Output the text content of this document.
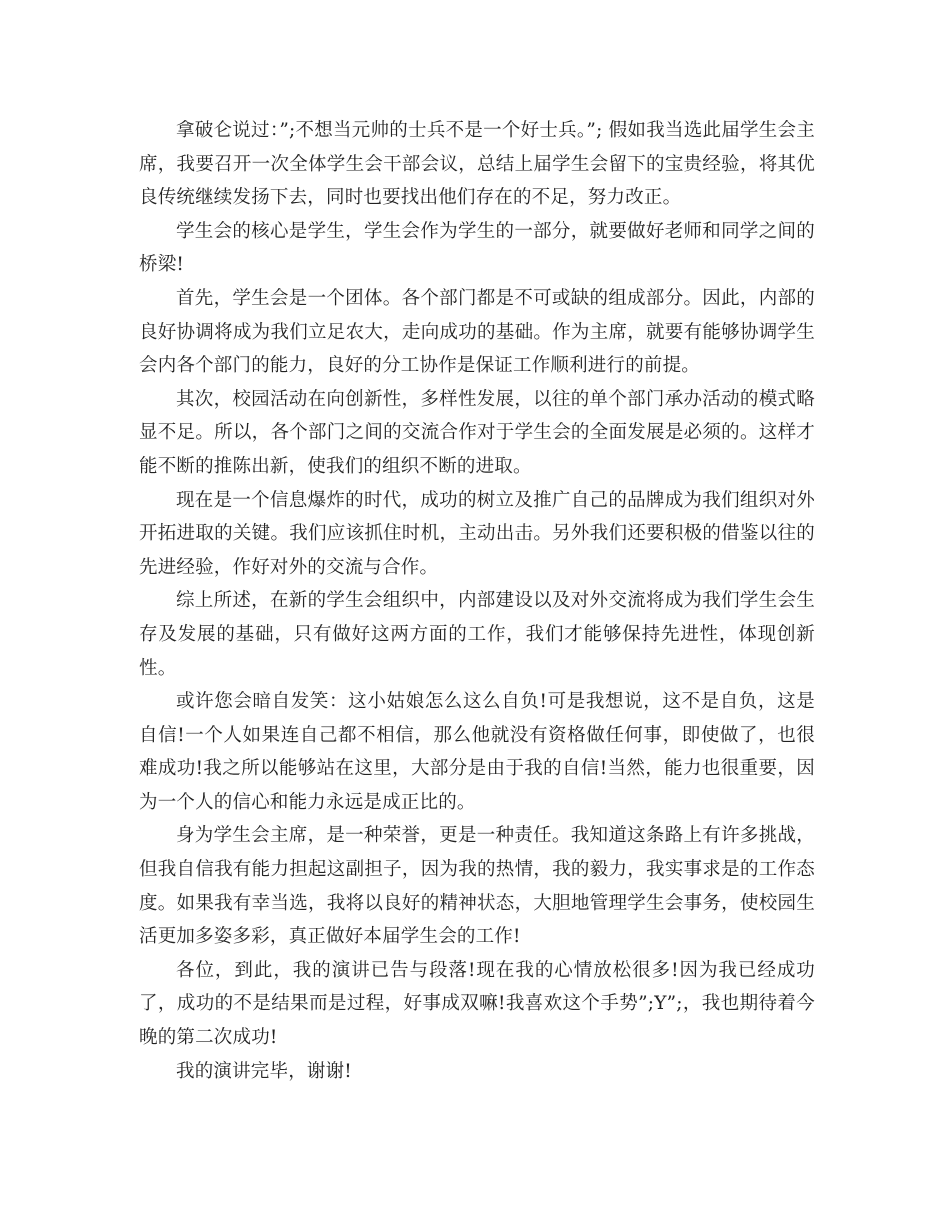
拿破仑说过：”;不想当元帅的士兵不是一个好士兵。”; 假如我当选此届学生会主席，我要召开一次全体学生会干部会议，总结上届学生会留下的宝贵经验，将其优良传统继续发扬下去，同时也要找出他们存在的不足，努力改正。

学生会的核心是学生，学生会作为学生的一部分，就要做好老师和同学之间的桥梁!

首先，学生会是一个团体。各个部门都是不可或缺的组成部分。因此，内部的良好协调将成为我们立足农大，走向成功的基础。作为主席，就要有能够协调学生会内各个部门的能力，良好的分工协作是保证工作顺利进行的前提。

其次，校园活动在向创新性，多样性发展，以往的单个部门承办活动的模式略显不足。所以，各个部门之间的交流合作对于学生会的全面发展是必须的。这样才能不断的推陈出新，使我们的组织不断的进取。

现在是一个信息爆炸的时代，成功的树立及推广自己的品牌成为我们组织对外开拓进取的关键。我们应该抓住时机，主动出击。另外我们还要积极的借鉴以往的先进经验，作好对外的交流与合作。

综上所述，在新的学生会组织中，内部建设以及对外交流将成为我们学生会生存及发展的基础，只有做好这两方面的工作，我们才能够保持先进性，体现创新性。

或许您会暗自发笑：这小姑娘怎么这么自负!可是我想说，这不是自负，这是自信!一个人如果连自己都不相信，那么他就没有资格做任何事，即使做了，也很难成功!我之所以能够站在这里，大部分是由于我的自信!当然，能力也很重要，因为一个人的信心和能力永远是成正比的。

身为学生会主席，是一种荣誉，更是一种责任。我知道这条路上有许多挑战，但我自信我有能力担起这副担子，因为我的热情，我的毅力，我实事求是的工作态度。如果我有幸当选，我将以良好的精神状态，大胆地管理学生会事务，使校园生活更加多姿多彩，真正做好本届学生会的工作!

各位，到此，我的演讲已告与段落!现在我的心情放松很多!因为我已经成功了，成功的不是结果而是过程，好事成双嘛!我喜欢这个手势”;Y”;，我也期待着今晚的第二次成功!

我的演讲完毕，谢谢!
